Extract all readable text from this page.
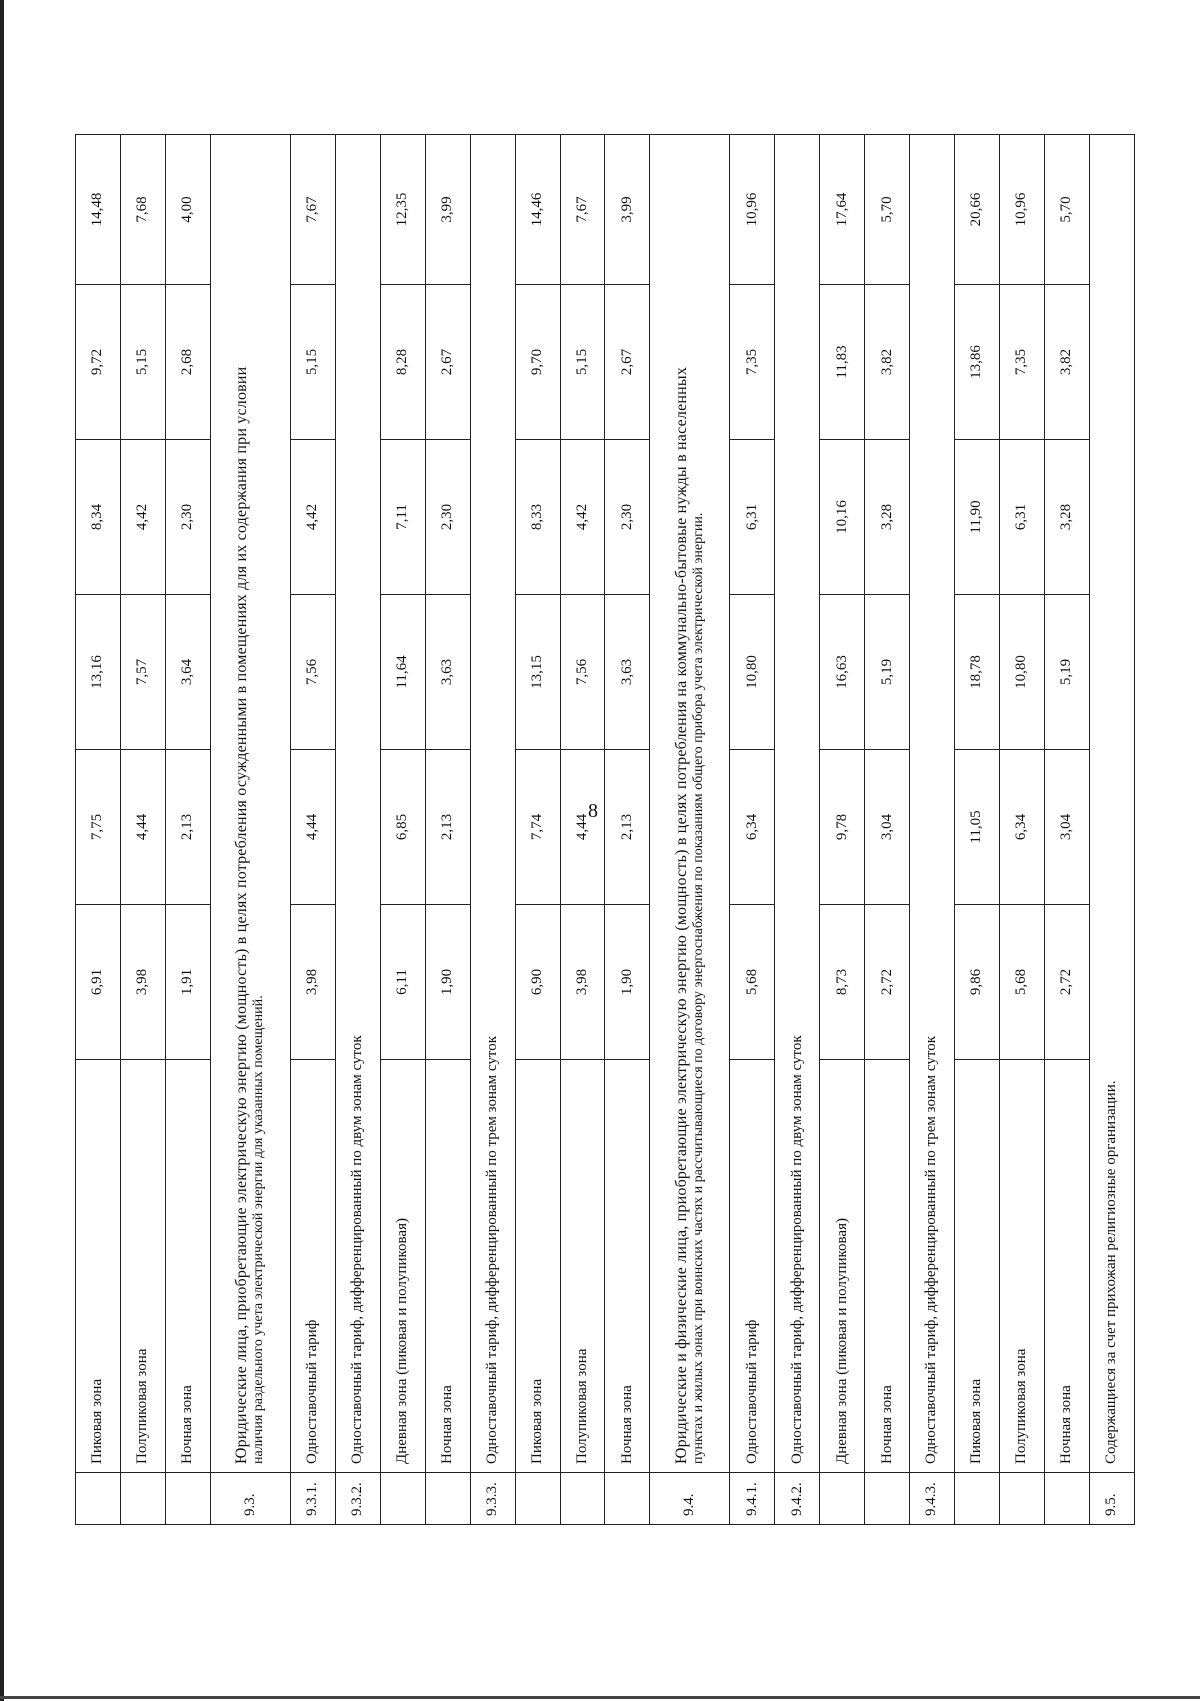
8
	Пиковая зона	6,91	7,75	13,16	8,34	9,72	14,48
	Полупиковая зона	3,98	4,44	7,57	4,42	5,15	7,68
	Ночная зона	1,91	2,13	3,64	2,30	2,68	4,00
9.3.	Юридические лица, приобретающие электрическую энергию (мощность) в целях потребления осужденными в помещениях для их содержания при условии наличия раздельного учета электрической энергии для указанных помещений.						

9.3.1.	Одноставочный тариф	3,98	4,44	7,56	4,42	5,15	7,67
9.3.2.	Одноставочный тариф, дифференцированный по двум зонам суток						

	Дневная зона (пиковая и полупиковая)	6,11	6,85	11,64	7,11	8,28	12,35
	Ночная зона	1,90	2,13	3,63	2,30	2,67	3,99
9.3.3.	Одноставочный тариф, дифференцированный по трем зонам суток						

	Пиковая зона	6,90	7,74	13,15	8,33	9,70	14,46
	Полупиковая зона	3,98	4,44	7,56	4,42	5,15	7,67
	Ночная зона	1,90	2,13	3,63	2,30	2,67	3,99
9.4.	Юридические и физические лица, приобретающие электрическую энергию (мощность) в целях потребления на коммунально-бытовые нужды в населенных пунктах и жилых зонах при воинских частях и рассчитывающиеся по договору энергоснабжения по показаниям общего прибора учета электрической энергии.						

9.4.1.	Одноставочный тариф	5,68	6,34	10,80	6,31	7,35	10,96
9.4.2.	Одноставочный тариф, дифференцированный по двум зонам суток						

	Дневная зона (пиковая и полупиковая)	8,73	9,78	16,63	10,16	11,83	17,64
	Ночная зона	2,72	3,04	5,19	3,28	3,82	5,70
9.4.3.	Одноставочный тариф, дифференцированный по трем зонам суток						

	Пиковая зона	9,86	11,05	18,78	11,90	13,86	20,66
	Полупиковая зона	5,68	6,34	10,80	6,31	7,35	10,96
	Ночная зона	2,72	3,04	5,19	3,28	3,82	5,70
9.5.	Содержащиеся за счет прихожан религиозные организации.						
